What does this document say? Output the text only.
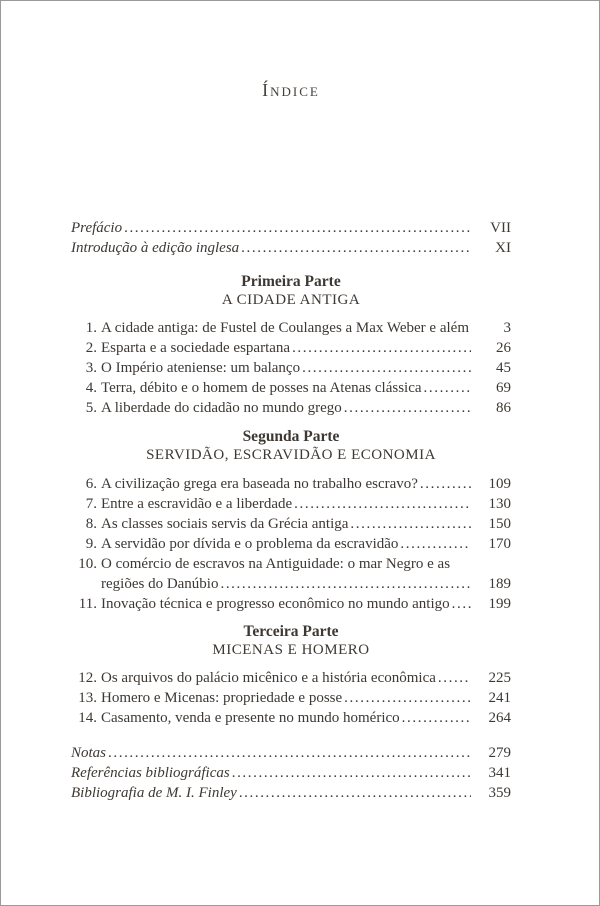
Índice
Prefácio .....	VII
Introdução à edição inglesa .....	XI
Primeira Parte
A CIDADE ANTIGA
1. A cidade antiga: de Fustel de Coulanges a Max Weber e além .....	3
2. Esparta e a sociedade espartana .....	26
3. O Império ateniense: um balanço .....	45
4. Terra, débito e o homem de posses na Atenas clássica .....	69
5. A liberdade do cidadão no mundo grego .....	86
Segunda Parte
SERVIDÃO, ESCRAVIDÃO E ECONOMIA
6. A civilização grega era baseada no trabalho escravo? .....	109
7. Entre a escravidão e a liberdade .....	130
8. As classes sociais servis da Grécia antiga .....	150
9. A servidão por dívida e o problema da escravidão .....	170
10. O comércio de escravos na Antiguidade: o mar Negro e as
regiões do Danúbio .....	189
11. Inovação técnica e progresso econômico no mundo antigo .....	199
Terceira Parte
MICENAS E HOMERO
12. Os arquivos do palácio micênico e a história econômica .....	225
13. Homero e Micenas: propriedade e posse .....	241
14. Casamento, venda e presente no mundo homérico .....	264
Notas .....	279
Referências bibliográficas .....	341
Bibliografia de M. I. Finley .....	359
